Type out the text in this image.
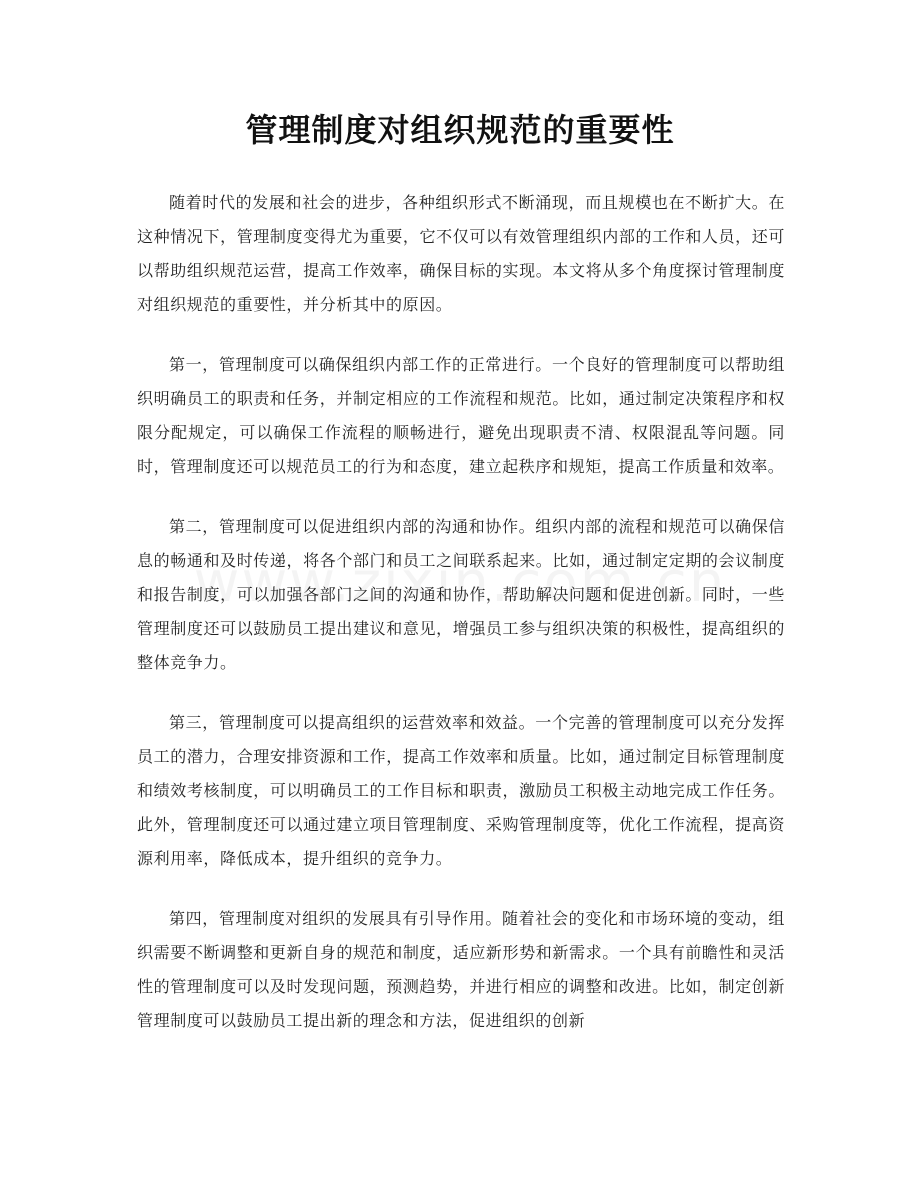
管理制度对组织规范的重要性

随着时代的发展和社会的进步，各种组织形式不断涌现，而且规模也在不断扩大。在这种情况下，管理制度变得尤为重要，它不仅可以有效管理组织内部的工作和人员，还可以帮助组织规范运营，提高工作效率，确保目标的实现。本文将从多个角度探讨管理制度对组织规范的重要性，并分析其中的原因。

第一，管理制度可以确保组织内部工作的正常进行。一个良好的管理制度可以帮助组织明确员工的职责和任务，并制定相应的工作流程和规范。比如，通过制定决策程序和权限分配规定，可以确保工作流程的顺畅进行，避免出现职责不清、权限混乱等问题。同时，管理制度还可以规范员工的行为和态度，建立起秩序和规矩，提高工作质量和效率。

第二，管理制度可以促进组织内部的沟通和协作。组织内部的流程和规范可以确保信息的畅通和及时传递，将各个部门和员工之间联系起来。比如，通过制定定期的会议制度和报告制度，可以加强各部门之间的沟通和协作，帮助解决问题和促进创新。同时，一些管理制度还可以鼓励员工提出建议和意见，增强员工参与组织决策的积极性，提高组织的整体竞争力。

第三，管理制度可以提高组织的运营效率和效益。一个完善的管理制度可以充分发挥员工的潜力，合理安排资源和工作，提高工作效率和质量。比如，通过制定目标管理制度和绩效考核制度，可以明确员工的工作目标和职责，激励员工积极主动地完成工作任务。此外，管理制度还可以通过建立项目管理制度、采购管理制度等，优化工作流程，提高资源利用率，降低成本，提升组织的竞争力。

第四，管理制度对组织的发展具有引导作用。随着社会的变化和市场环境的变动，组织需要不断调整和更新自身的规范和制度，适应新形势和新需求。一个具有前瞻性和灵活性的管理制度可以及时发现问题，预测趋势，并进行相应的调整和改进。比如，制定创新管理制度可以鼓励员工提出新的理念和方法，促进组织的创新
